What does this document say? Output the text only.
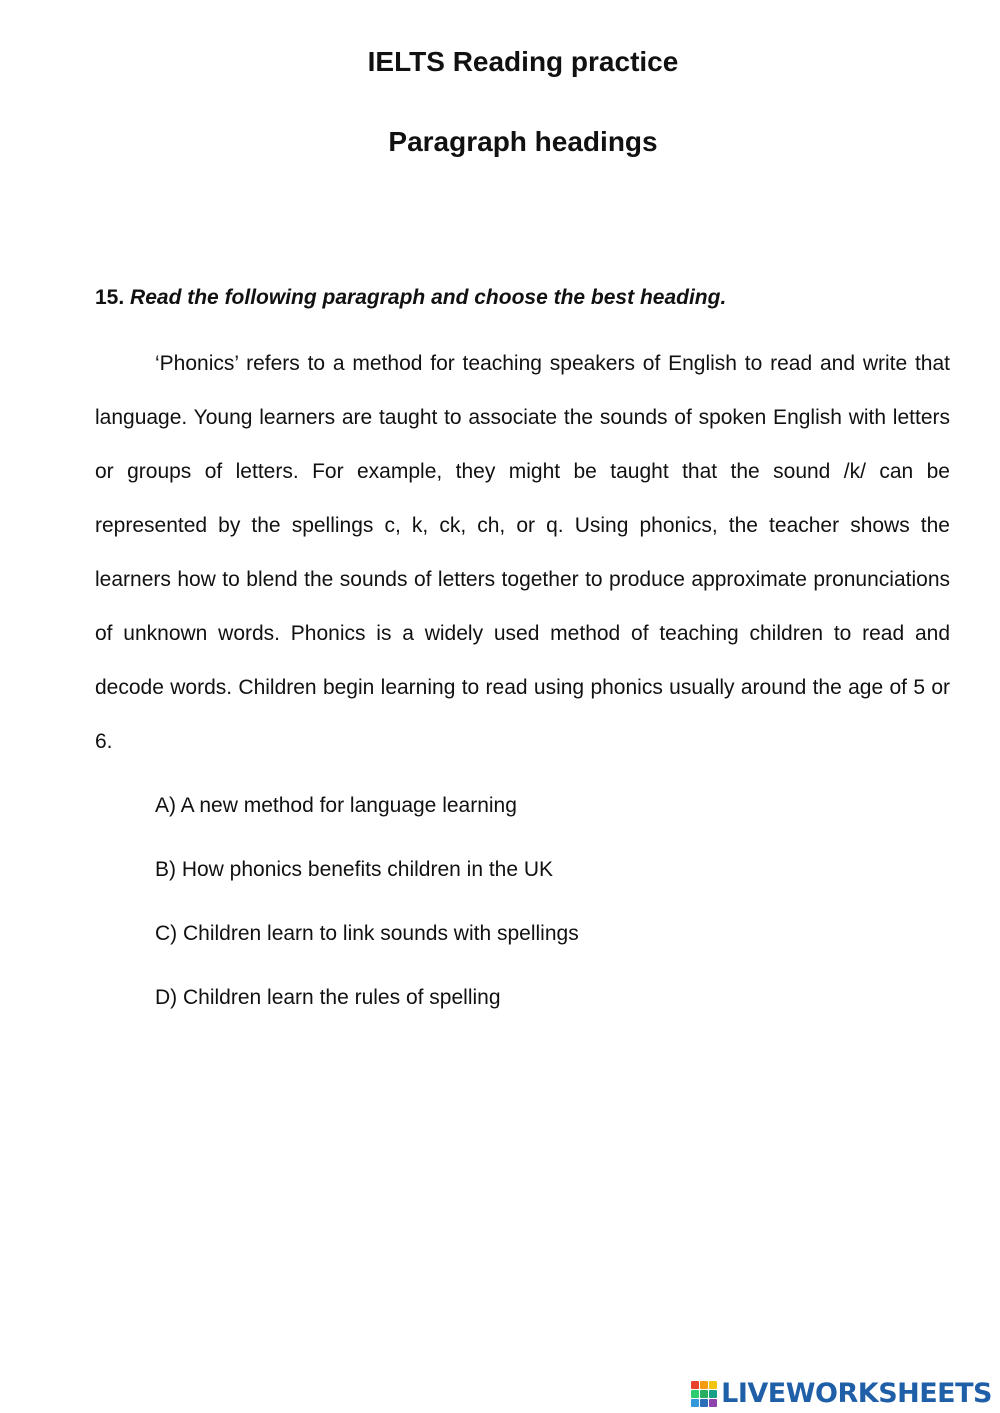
IELTS Reading practice
Paragraph headings

15. Read the following paragraph and choose the best heading.

‘Phonics’ refers to a method for teaching speakers of English to read and write that language. Young learners are taught to associate the sounds of spoken English with letters or groups of letters. For example, they might be taught that the sound /k/ can be represented by the spellings c, k, ck, ch, or q. Using phonics, the teacher shows the learners how to blend the sounds of letters together to produce approximate pronunciations of unknown words. Phonics is a widely used method of teaching children to read and decode words. Children begin learning to read using phonics usually around the age of 5 or 6.

A) A new method for language learning
B) How phonics benefits children in the UK
C) Children learn to link sounds with spellings
D) Children learn the rules of spelling
LIVEWORKSHEETS
